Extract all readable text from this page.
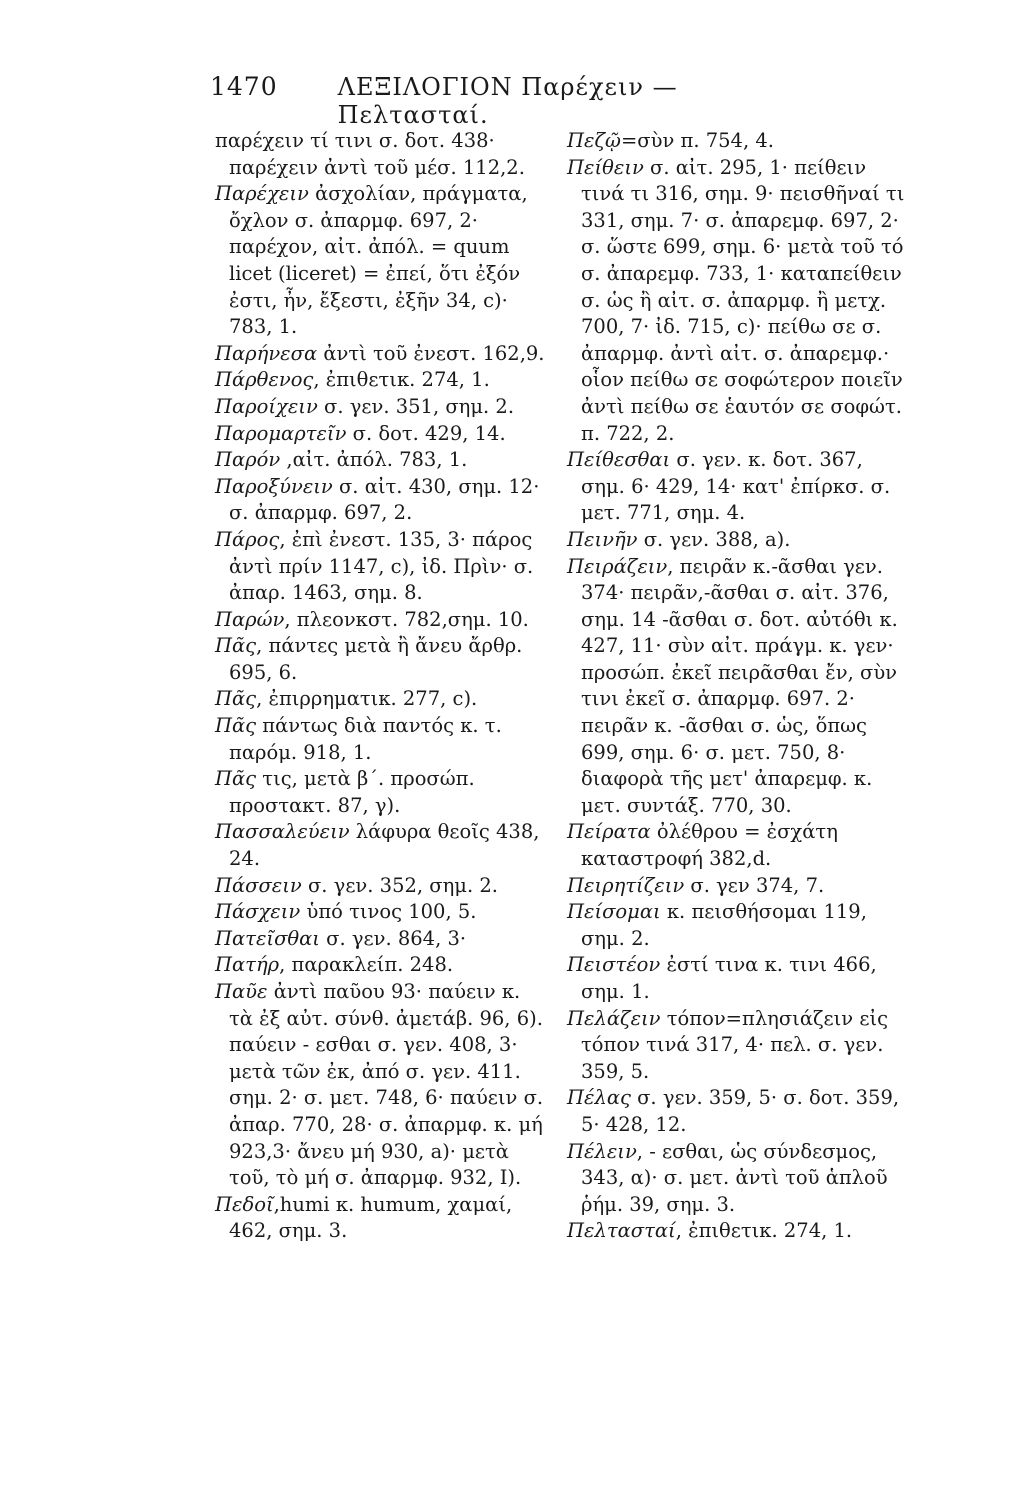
1470	ΛΕΞΙΛΟΓΙΟΝ Παρέχειν — Πελτασταί.

παρέχειν τί τινι σ. δοτ. 438· παρέχειν ἀντὶ τοῦ μέσ. 112,2.

Παρέχειν ἀσχολίαν, πράγματα, ὄχλον σ. ἀπαρμφ. 697, 2· παρέχον, αἰτ. ἀπόλ. = quum licet (liceret) = ἐπεί, ὅτι ἐξόν ἐστι, ἦν, ἔξεστι, ἐξῆν 34, c)· 783, 1.

Παρήνεσα ἀντὶ τοῦ ἐνεστ. 162,9.

Πάρθενος, ἐπιθετικ. 274, 1.

Παροίχειν σ. γεν. 351, σημ. 2.

Παρομαρτεῖν σ. δοτ. 429, 14.

Παρόν ,αἰτ. ἀπόλ. 783, 1.

Παροξύνειν σ. αἰτ. 430, σημ. 12· σ. ἀπαρμφ. 697, 2.

Πάρος, ἐπὶ ἐνεστ. 135, 3· πάρος ἀντὶ πρίν 1147, c), ἰδ. Πρὶν· σ. ἀπαρ. 1463, σημ. 8.

Παρών, πλεονκστ. 782,σημ. 10.

Πᾶς, πάντες μετὰ ἢ ἄνευ ἄρθρ. 695, 6.

Πᾶς, ἐπιρρηματικ. 277, c).

Πᾶς πάντως διὰ παντός κ. τ. παρόμ. 918, 1.

Πᾶς τις, μετὰ β΄. προσώπ. προστακτ. 87, γ).

Πασσαλεύειν λάφυρα θεοῖς 438, 24.

Πάσσειν σ. γεν. 352, σημ. 2.

Πάσχειν ὑπό τινος 100, 5.

Πατεῖσθαι σ. γεν. 864, 3·

Πατήρ, παρακλείπ. 248.

Παῦε ἀντὶ παῦου 93· παύειν κ. τὰ ἐξ αὐτ. σύνθ. ἀμετάβ. 96, 6). παύειν - εσθαι σ. γεν. 408, 3· μετὰ τῶν ἐκ, ἀπό σ. γεν. 411. σημ. 2· σ. μετ. 748, 6· παύειν σ. ἀπαρ. 770, 28· σ. ἀπαρμφ. κ. μή 923,3· ἄνευ μή 930, a)· μετὰ τοῦ, τὸ μή σ. ἀπαρμφ. 932, I).

Πεδοῖ,humi κ. humum, χαμαί, 462, σημ. 3.

Πεζῷ=σὺν π. 754, 4.

Πείθειν σ. αἰτ. 295, 1· πείθειν τινά τι 316, σημ. 9· πεισθῆναί τι 331, σημ. 7· σ. ἀπαρεμφ. 697, 2· σ. ὥστε 699, σημ. 6· μετὰ τοῦ τό σ. ἀπαρεμφ. 733, 1· καταπείθειν σ. ὡς ἢ αἰτ. σ. ἀπαρμφ. ἢ μετχ. 700, 7· ἰδ. 715, c)· πείθω σε σ. ἀπαρμφ. ἀντὶ αἰτ. σ. ἀπαρεμφ.· οἷον πείθω σε σοφώτερον ποιεῖν ἀντὶ πείθω σε ἑαυτόν σε σοφώτ. π. 722, 2.

Πείθεσθαι σ. γεν. κ. δοτ. 367, σημ. 6· 429, 14· κατ' ἐπίρκσ. σ. μετ. 771, σημ. 4.

Πεινῆν σ. γεν. 388, a).

Πειράζειν, πειρᾶν κ.-ᾶσθαι γεν. 374· πειρᾶν,-ᾶσθαι σ. αἰτ. 376, σημ. 14 -ᾶσθαι σ. δοτ. αὐτόθι κ. 427, 11· σὺν αἰτ. πράγμ. κ. γεν· προσώπ. ἐκεῖ πειρᾶσθαι ἔν, σὺν τινι ἐκεῖ σ. ἀπαρμφ. 697. 2· πειρᾶν κ. -ᾶσθαι σ. ὡς, ὅπως 699, σημ. 6· σ. μετ. 750, 8· διαφορὰ τῆς μετ' ἀπαρεμφ. κ. μετ. συντάξ. 770, 30.

Πείρατα ὀλέθρου = ἐσχάτη καταστροφή 382,d.

Πειρητίζειν σ. γεν 374, 7.

Πείσομαι κ. πεισθήσομαι 119, σημ. 2.

Πειστέον ἐστί τινα κ. τινι 466, σημ. 1.

Πελάζειν τόπον=πλησιάζειν εἰς τόπον τινά 317, 4· πελ. σ. γεν. 359, 5.

Πέλας σ. γεν. 359, 5· σ. δοτ. 359, 5· 428, 12.

Πέλειν, - εσθαι, ὡς σύνδεσμος, 343, α)· σ. μετ. ἀντὶ τοῦ ἁπλοῦ ῥήμ. 39, σημ. 3.

Πελτασταί, ἐπιθετικ. 274, 1.
